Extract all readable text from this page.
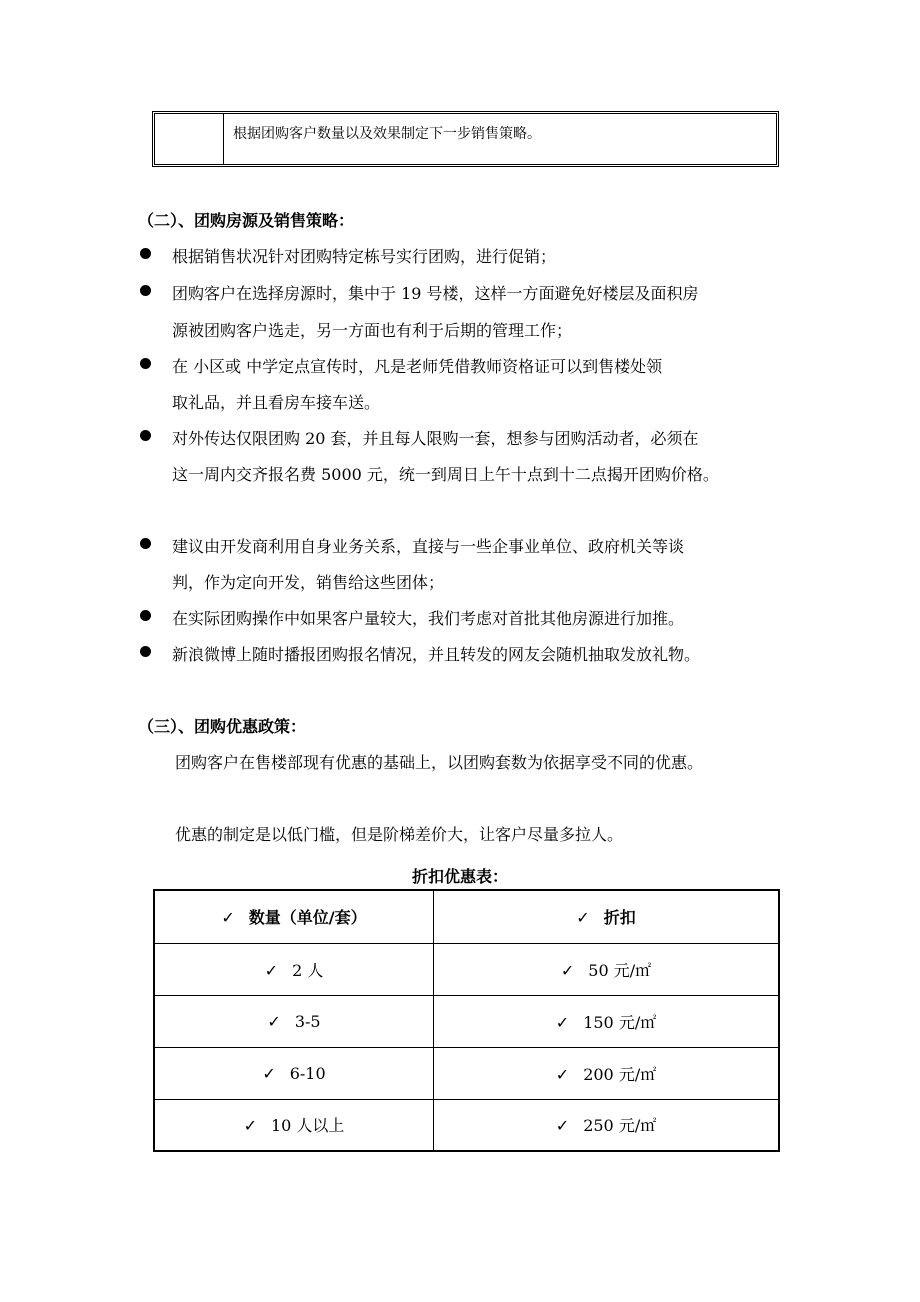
根据团购客户数量以及效果制定下一步销售策略。
（二）、团购房源及销售策略：
根据销售状况针对团购特定栋号实行团购，进行促销；
团购客户在选择房源时，集中于 19 号楼，这样一方面避免好楼层及面积房
源被团购客户选走，另一方面也有利于后期的管理工作；
在 小区或 中学定点宣传时，凡是老师凭借教师资格证可以到售楼处领
取礼品，并且看房车接车送。
对外传达仅限团购 20 套，并且每人限购一套，想参与团购活动者，必须在
这一周内交齐报名费 5000 元，统一到周日上午十点到十二点揭开团购价格。
建议由开发商利用自身业务关系，直接与一些企事业单位、政府机关等谈
判，作为定向开发，销售给这些团体；
在实际团购操作中如果客户量较大，我们考虑对首批其他房源进行加推。
新浪微博上随时播报团购报名情况，并且转发的网友会随机抽取发放礼物。
（三）、团购优惠政策：
团购客户在售楼部现有优惠的基础上，以团购套数为依据享受不同的优惠。
优惠的制定是以低门槛，但是阶梯差价大，让客户尽量多拉人。
折扣优惠表：
✓ 数量（单位/套）	✓ 折扣
✓ 2 人	✓ 50 元/㎡
✓ 3-5	✓ 150 元/㎡
✓ 6-10	✓ 200 元/㎡
✓ 10 人以上	✓ 250 元/㎡
